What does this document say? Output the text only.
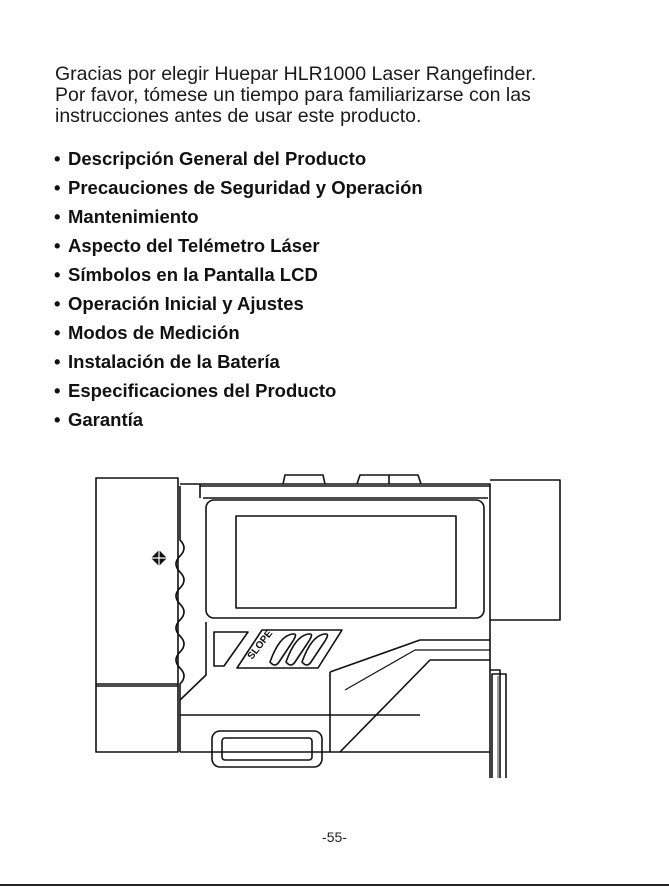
Gracias por elegir Huepar HLR1000 Laser Rangefinder.
Por favor, tómese un tiempo para familiarizarse con las
instrucciones antes de usar este producto.
• Descripción General del Producto
• Precauciones de Seguridad y Operación
• Mantenimiento
• Aspecto del Telémetro Láser
• Símbolos en la Pantalla LCD
• Operación Inicial y Ajustes
• Modos de Medición
• Instalación de la Batería
• Especificaciones del Producto
• Garantía
SLOPE
-55-
